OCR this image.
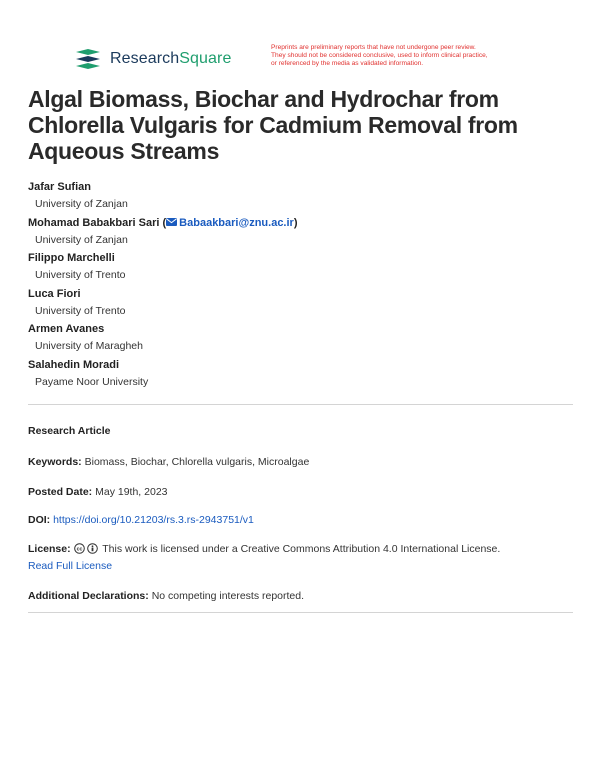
ResearchSquare
Preprints are preliminary reports that have not undergone peer review.
They should not be considered conclusive, used to inform clinical practice,
or referenced by the media as validated information.
Algal Biomass, Biochar and Hydrochar from Chlorella Vulgaris for Cadmium Removal from Aqueous Streams
Jafar Sufian
University of Zanjan
Mohamad Babakbari Sari ( Babaakbari@znu.ac.ir)
University of Zanjan
Filippo Marchelli
University of Trento
Luca Fiori
University of Trento
Armen Avanes
University of Maragheh
Salahedin Moradi
Payame Noor University
Research Article
Keywords: Biomass, Biochar, Chlorella vulgaris, Microalgae
Posted Date: May 19th, 2023
DOI: https://doi.org/10.21203/rs.3.rs-2943751/v1
License: cc This work is licensed under a Creative Commons Attribution 4.0 International License.
Read Full License
Additional Declarations: No competing interests reported.
